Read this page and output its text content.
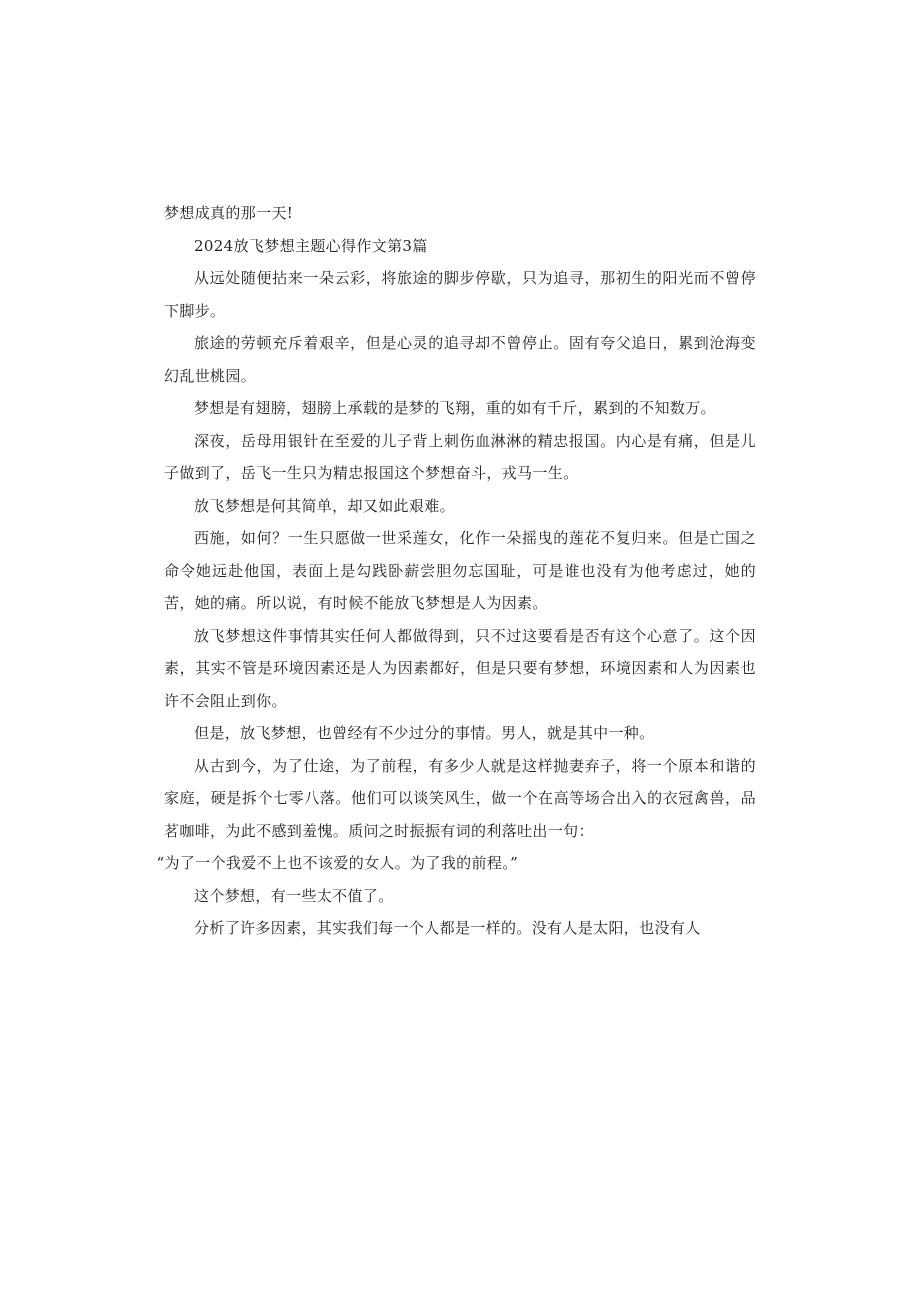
梦想成真的那一天!

2024放飞梦想主题心得作文第3篇

从远处随便拈来一朵云彩，将旅途的脚步停歇，只为追寻，那初生的阳光而不曾停下脚步。

旅途的劳顿充斥着艰辛，但是心灵的追寻却不曾停止。固有夸父追日，累到沧海变幻乱世桃园。

梦想是有翅膀，翅膀上承载的是梦的飞翔，重的如有千斤，累到的不知数万。

深夜，岳母用银针在至爱的儿子背上刺伤血淋淋的精忠报国。内心是有痛，但是儿子做到了，岳飞一生只为精忠报国这个梦想奋斗，戎马一生。

放飞梦想是何其简单，却又如此艰难。

西施，如何？一生只愿做一世采莲女，化作一朵摇曳的莲花不复归来。但是亡国之命令她远赴他国，表面上是勾践卧薪尝胆勿忘国耻，可是谁也没有为他考虑过，她的苦，她的痛。所以说，有时候不能放飞梦想是人为因素。

放飞梦想这件事情其实任何人都做得到，只不过这要看是否有这个心意了。这个因素，其实不管是环境因素还是人为因素都好，但是只要有梦想，环境因素和人为因素也许不会阻止到你。

但是，放飞梦想，也曾经有不少过分的事情。男人，就是其中一种。

从古到今，为了仕途，为了前程，有多少人就是这样抛妻弃子，将一个原本和谐的家庭，硬是拆个七零八落。他们可以谈笑风生，做一个在高等场合出入的衣冠禽兽，品茗咖啡，为此不感到羞愧。质问之时振振有词的利落吐出一句：

“为了一个我爱不上也不该爱的女人。为了我的前程。”

这个梦想，有一些太不值了。

分析了许多因素，其实我们每一个人都是一样的。没有人是太阳，也没有人
